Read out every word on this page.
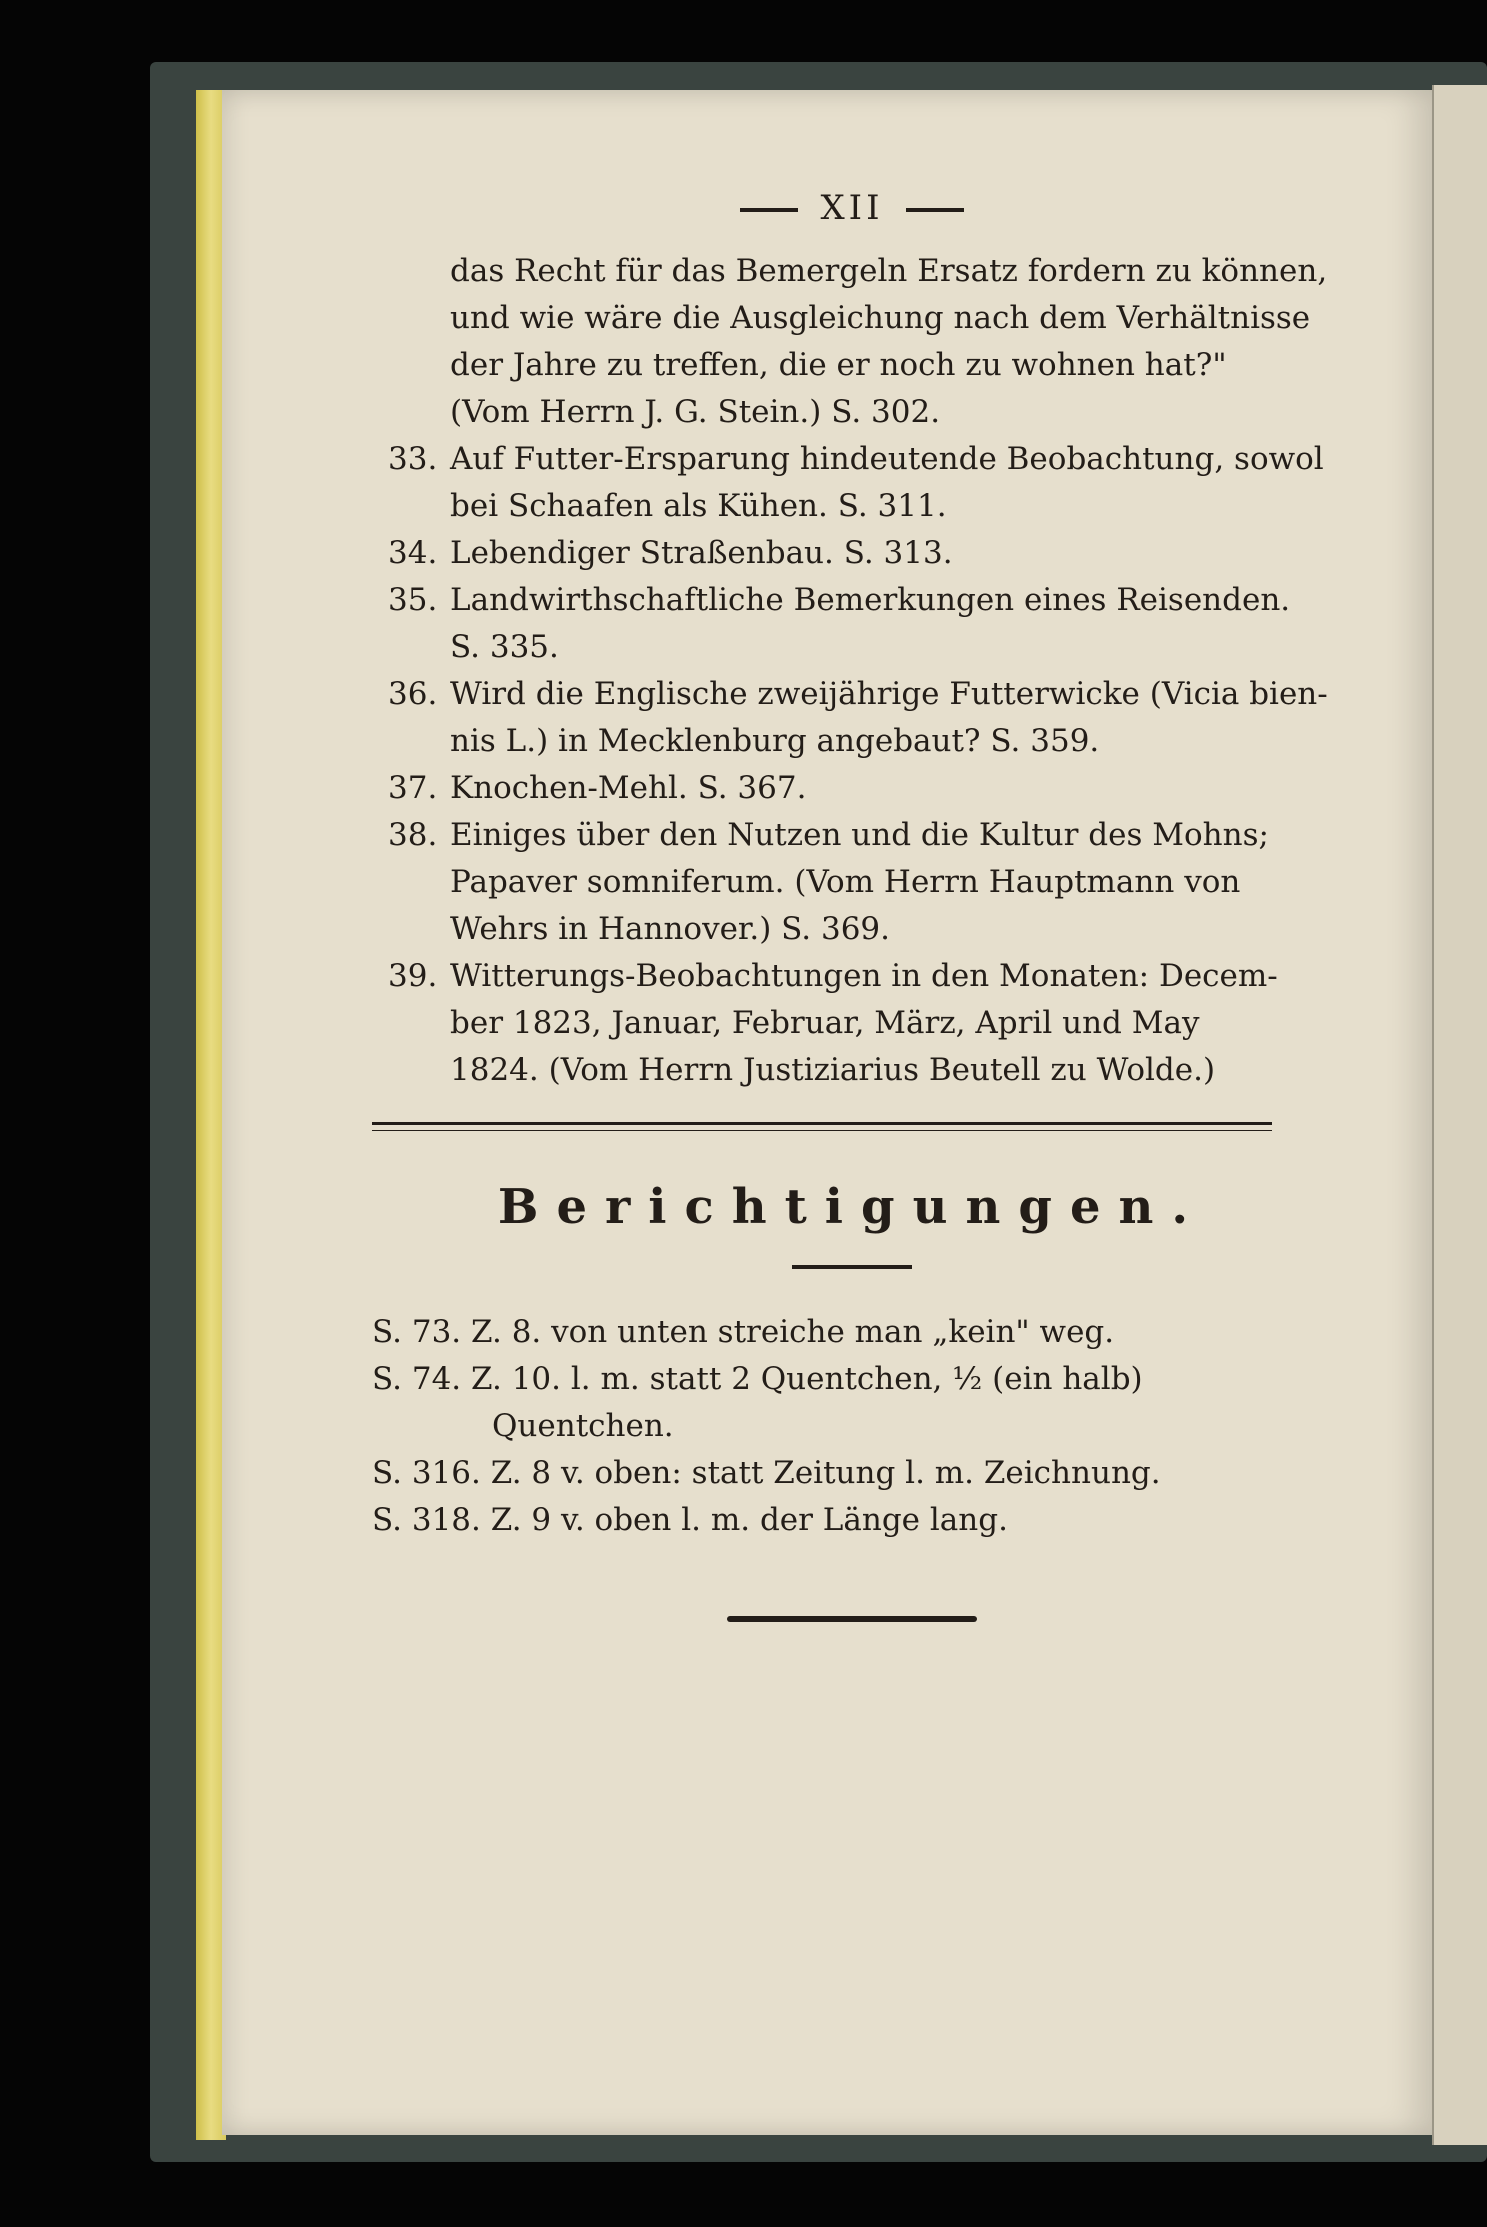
XII
das Recht für das Bemergeln Ersatz fordern zu können,
und wie wäre die Ausgleichung nach dem Verhältnisse
der Jahre zu treffen, die er noch zu wohnen hat?"
(Vom Herrn J. G. Stein.) S. 302.
33. Auf Futter-Ersparung hindeutende Beobachtung, sowol
bei Schaafen als Kühen. S. 311.
34. Lebendiger Straßenbau. S. 313.
35. Landwirthschaftliche Bemerkungen eines Reisenden.
S. 335.
36. Wird die Englische zweijährige Futterwicke (Vicia bien-
nis L.) in Mecklenburg angebaut? S. 359.
37. Knochen-Mehl. S. 367.
38. Einiges über den Nutzen und die Kultur des Mohns;
Papaver somniferum. (Vom Herrn Hauptmann von
Wehrs in Hannover.) S. 369.
39. Witterungs-Beobachtungen in den Monaten: Decem-
ber 1823, Januar, Februar, März, April und May
1824. (Vom Herrn Justiziarius Beutell zu Wolde.)
Berichtigungen.
S. 73. Z. 8. von unten streiche man „kein" weg.
S. 74. Z. 10. l. m. statt 2 Quentchen, ½ (ein halb)
Quentchen.
S. 316. Z. 8 v. oben: statt Zeitung l. m. Zeichnung.
S. 318. Z. 9 v. oben l. m. der Länge lang.
